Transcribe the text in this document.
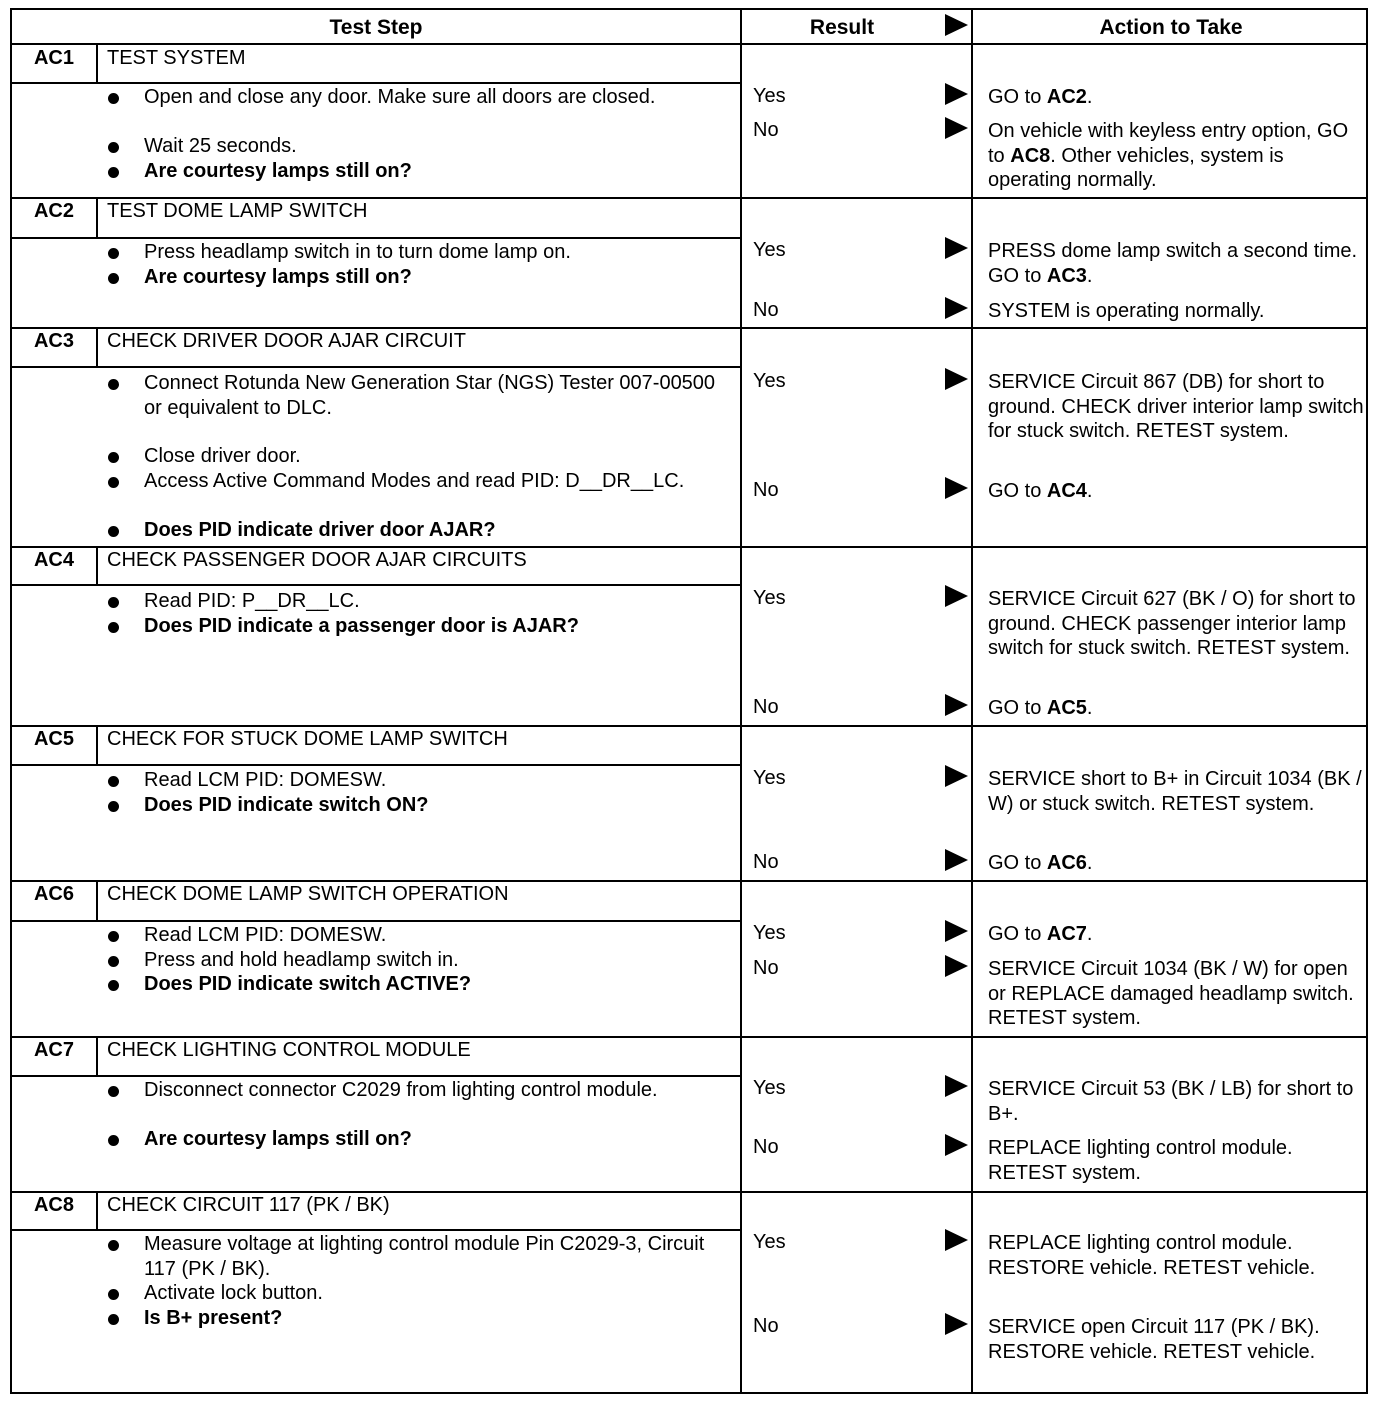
Test Step	Result	Action to Take
AC1	TEST SYSTEM
Open and close any door. Make sure all doors are closed.
Wait 25 seconds.
Are courtesy lamps still on?
Yes	GO to AC2.
No	On vehicle with keyless entry option, GO to AC8. Other vehicles, system is operating normally.
AC2	TEST DOME LAMP SWITCH
Press headlamp switch in to turn dome lamp on.
Are courtesy lamps still on?
Yes	PRESS dome lamp switch a second time. GO to AC3.
No	SYSTEM is operating normally.
AC3	CHECK DRIVER DOOR AJAR CIRCUIT
Connect Rotunda New Generation Star (NGS) Tester 007-00500 or equivalent to DLC.
Close driver door.
Access Active Command Modes and read PID: D__DR__LC.
Does PID indicate driver door AJAR?
Yes	SERVICE Circuit 867 (DB) for short to ground. CHECK driver interior lamp switch for stuck switch. RETEST system.
No	GO to AC4.
AC4	CHECK PASSENGER DOOR AJAR CIRCUITS
Read PID: P__DR__LC.
Does PID indicate a passenger door is AJAR?
Yes	SERVICE Circuit 627 (BK / O) for short to ground. CHECK passenger interior lamp switch for stuck switch. RETEST system.
No	GO to AC5.
AC5	CHECK FOR STUCK DOME LAMP SWITCH
Read LCM PID: DOMESW.
Does PID indicate switch ON?
Yes	SERVICE short to B+ in Circuit 1034 (BK / W) or stuck switch. RETEST system.
No	GO to AC6.
AC6	CHECK DOME LAMP SWITCH OPERATION
Read LCM PID: DOMESW.
Press and hold headlamp switch in.
Does PID indicate switch ACTIVE?
Yes	GO to AC7.
No	SERVICE Circuit 1034 (BK / W) for open or REPLACE damaged headlamp switch. RETEST system.
AC7	CHECK LIGHTING CONTROL MODULE
Disconnect connector C2029 from lighting control module.
Are courtesy lamps still on?
Yes	SERVICE Circuit 53 (BK / LB) for short to B+.
No	REPLACE lighting control module. RETEST system.
AC8	CHECK CIRCUIT 117 (PK / BK)
Measure voltage at lighting control module Pin C2029-3, Circuit 117 (PK / BK).
Activate lock button.
Is B+ present?
Yes	REPLACE lighting control module. RESTORE vehicle. RETEST vehicle.
No	SERVICE open Circuit 117 (PK / BK). RESTORE vehicle. RETEST vehicle.
